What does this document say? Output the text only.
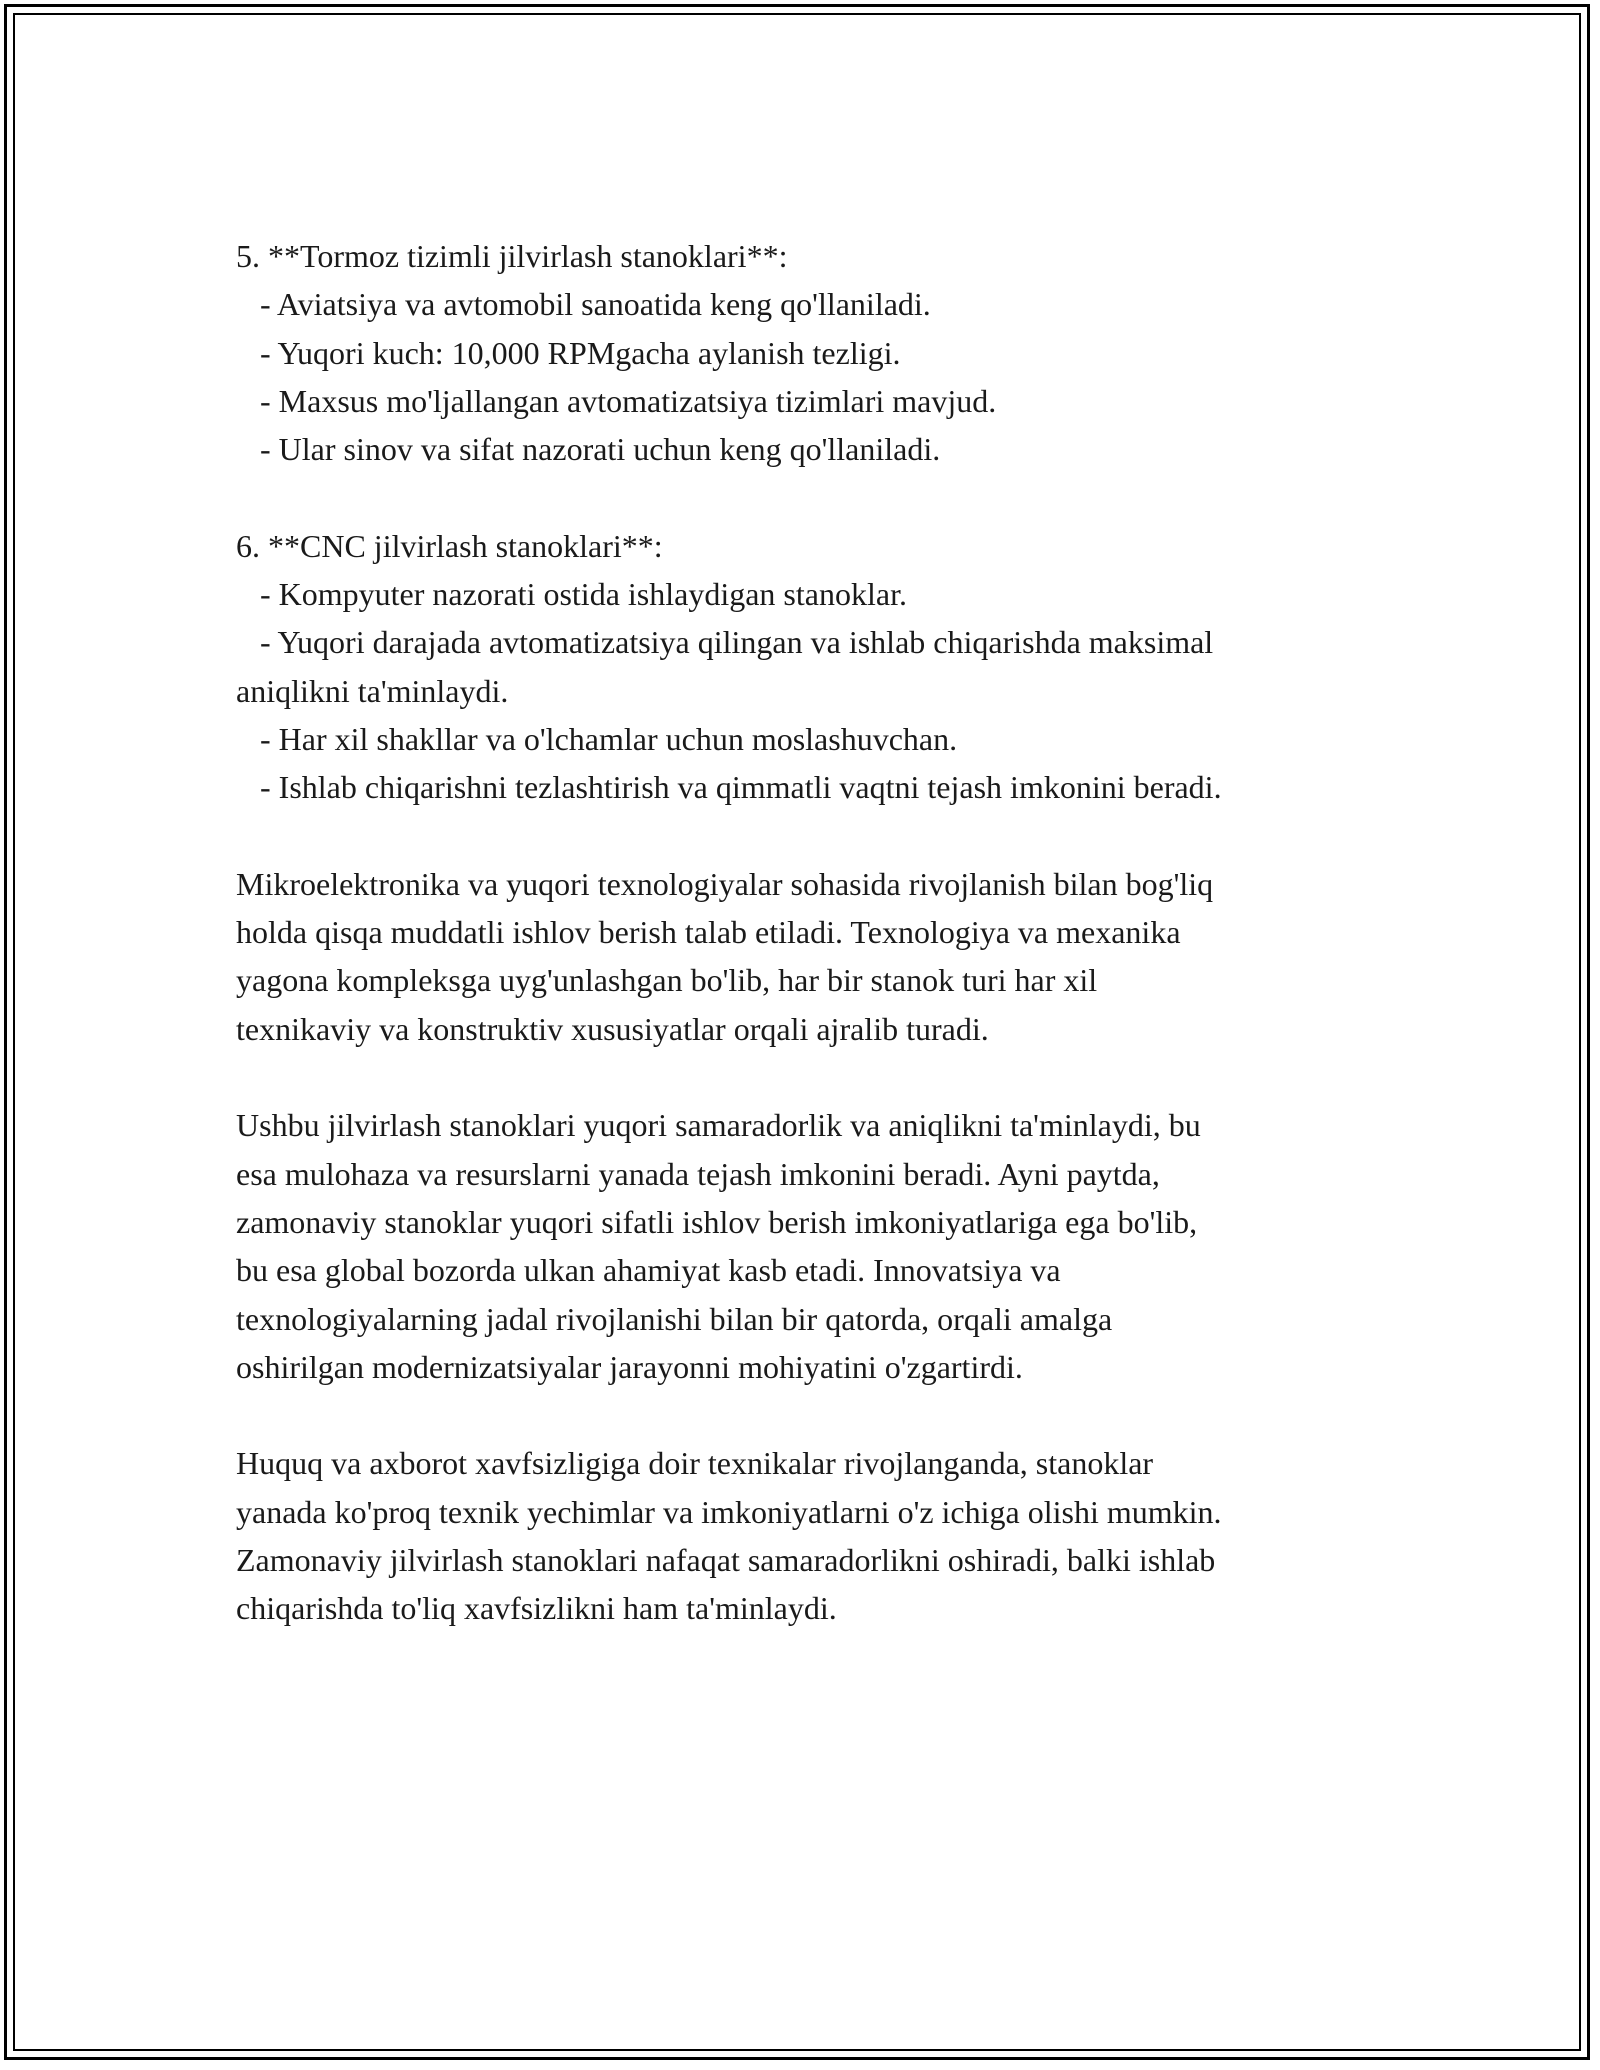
5. **Tormoz tizimli jilvirlash stanoklari**:
- Aviatsiya va avtomobil sanoatida keng qo'llaniladi.
- Yuqori kuch: 10,000 RPMgacha aylanish tezligi.
- Maxsus mo'ljallangan avtomatizatsiya tizimlari mavjud.
- Ular sinov va sifat nazorati uchun keng qo'llaniladi.
6. **CNC jilvirlash stanoklari**:
- Kompyuter nazorati ostida ishlaydigan stanoklar.
- Yuqori darajada avtomatizatsiya qilingan va ishlab chiqarishda maksimal
aniqlikni ta'minlaydi.
- Har xil shakllar va o'lchamlar uchun moslashuvchan.
- Ishlab chiqarishni tezlashtirish va qimmatli vaqtni tejash imkonini beradi.
Mikroelektronika va yuqori texnologiyalar sohasida rivojlanish bilan bog'liq
holda qisqa muddatli ishlov berish talab etiladi. Texnologiya va mexanika
yagona kompleksga uyg'unlashgan bo'lib, har bir stanok turi har xil
texnikaviy va konstruktiv xususiyatlar orqali ajralib turadi.
Ushbu jilvirlash stanoklari yuqori samaradorlik va aniqlikni ta'minlaydi, bu
esa mulohaza va resurslarni yanada tejash imkonini beradi. Ayni paytda,
zamonaviy stanoklar yuqori sifatli ishlov berish imkoniyatlariga ega bo'lib,
bu esa global bozorda ulkan ahamiyat kasb etadi. Innovatsiya va
texnologiyalarning jadal rivojlanishi bilan bir qatorda, orqali amalga
oshirilgan modernizatsiyalar jarayonni mohiyatini o'zgartirdi.
Huquq va axborot xavfsizligiga doir texnikalar rivojlanganda, stanoklar
yanada ko'proq texnik yechimlar va imkoniyatlarni o'z ichiga olishi mumkin.
Zamonaviy jilvirlash stanoklari nafaqat samaradorlikni oshiradi, balki ishlab
chiqarishda to'liq xavfsizlikni ham ta'minlaydi.
